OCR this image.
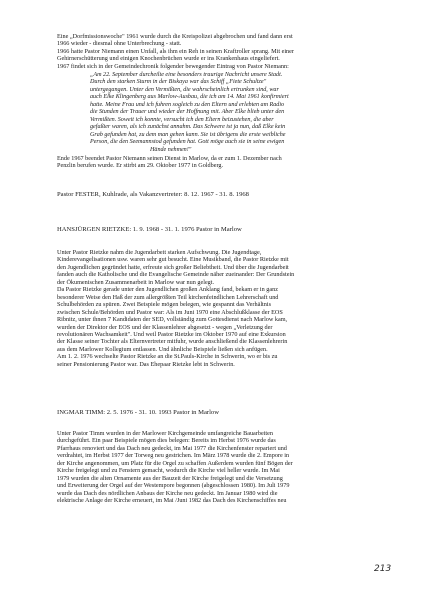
Eine „Dorfmissionswoche" 1961 wurde durch die Kreispolizei abgebrochen und fand dann erst
1966 wieder - diesmal ohne Unterbrechung - statt.
1966 hatte Pastor Niemann einen Unfall, als ihm ein Reh in seinen Kraftroller sprang. Mit einer
Gehirnerschütterung und einigen Knochenbrüchen wurde er ins Krankenhaus eingeliefert.
1967 findet sich in der Gemeindechronik folgender bewegender Eintrag von Pastor Niemann:
„Am 22. September durcheilte eine besonders traurige Nachricht unsere Stadt.
Durch den starken Sturm in der Biskaya war das Schiff „Fiete Schultze"
untergegangen. Unter den Vermißten, die wahrscheinlich ertrunken sind, war
auch Elke Klingenberg aus Marlow-Ausbau, die ich am 14. Mai 1961 konfirmiert
hatte. Meine Frau und ich fuhren sogleich zu den Eltern und erlebten am Radio
die Stunden der Trauer und wieder der Hoffnung mit. Aber Elke blieb unter den
Vermißten. Soweit ich konnte, versucht ich den Eltern beizustehen, die aber
gefaßter waren, als ich zunächst annahm. Das Schwere ist ja nun, daß Elke kein
Grab gefunden hat, zu dem man gehen kann. Sie ist übrigens die erste weibliche
Person, die den Seemannstod gefunden hat. Gott möge auch sie in seine ewigen
Hände nehmen!"
Ende 1967 beendet Pastor Niemann seinen Dienst in Marlow, da er zum 1. Dezember nach
Penzlin berufen wurde. Er stirbt am 29. Oktober 1977 in Goldberg.
Pastor FESTER, Kuhlrade, als Vakanzvertreter: 8. 12. 1967 - 31. 8. 1968
HANSJÜRGEN RIETZKE: 1. 9. 1968 - 31. 1. 1976 Pastor in Marlow
Unter Pastor Rietzke nahm die Jugendarbeit starken Aufschwung. Die Jugendtage,
Kinderevangelisationen usw. waren sehr gut besucht. Eine Musikband, die Pastor Rietzke mit
den Jugendlichen gegründet hatte, erfreute sich großer Beliebtheit. Und über die Jugendarbeit
fanden auch die Katholische und die Evangelische Gemeinde näher zueinander: Der Grundstein
der Ökumenischen Zusammenarbeit in Marlow war nun gelegt.
Da Pastor Rietzke gerade unter den Jugendlichen großen Anklang fand, bekam er in ganz
besonderer Weise den Haß der zum allergrößten Teil kirchenfeindlichen Lehrerschaft und
Schulbehörden zu spüren. Zwei Beispiele mögen belegen, wie gespannt das Verhältnis
zwischen Schule/Behörden und Pastor war: Als im Juni 1970 eine Abschlußklasse der EOS
Ribnitz, unter ihnen 7 Kandidaten der SED, vollständig zum Gottesdienst nach Marlow kam,
wurden der Direktor der EOS und der Klassenlehrer abgesetzt - wegen „Verletzung der
revolutionären Wachsamkeit". Und weil Pastor Rietzke im Oktober 1970 auf eine Exkursion
der Klasse seiner Tochter als Elternvertreter mitfuhr, wurde anschließend die Klassenlehrerin
aus dem Marlower Kollegium entlassen. Und ähnliche Beispiele ließen sich anfügen.
Am 1. 2. 1976 wechselte Pastor Rietzke an die St.Pauls-Kirche in Schwerin, wo er bis zu
seiner Pensionierung Pastor war. Das Ehepaar Rietzke lebt in Schwerin.
INGMAR TIMM: 2. 5. 1976 - 31. 10. 1993 Pastor in Marlow
Unter Pastor Timm wurden in der Marlower Kirchgemeinde umfangreiche Bauarbeiten
durchgeführt. Ein paar Beispiele mögen dies belegen: Bereits im Herbst 1976 wurde das
Pfarrhaus renoviert und das Dach neu gedeckt, im Mai 1977 die Kirchenfenster repariert und
verdrahtet, im Herbst 1977 der Torweg neu gestrichen. Im März 1978 wurde die 2. Empore in
der Kirche angenommen, um Platz für die Orgel zu schaffen Außerdem wurden fünf Bögen der
Kirche freigelegt und zu Fenstern gemacht, wodurch die Kirche viel heller wurde. Im Mai
1979 wurden die alten Ornamente aus der Bauzeit der Kirche freigelegt und die Versetzung
und Erweiterung der Orgel auf der Westempore begonnen (abgeschlossen 1980). Im Juli 1979
wurde das Dach des nördlichen Anbaus der Kirche neu gedeckt. Im Januar 1980 wird die
elektrische Anlage der Kirche erneuert, im Mai /Juni 1982 das Dach des Kirchenschiffes neu
213
